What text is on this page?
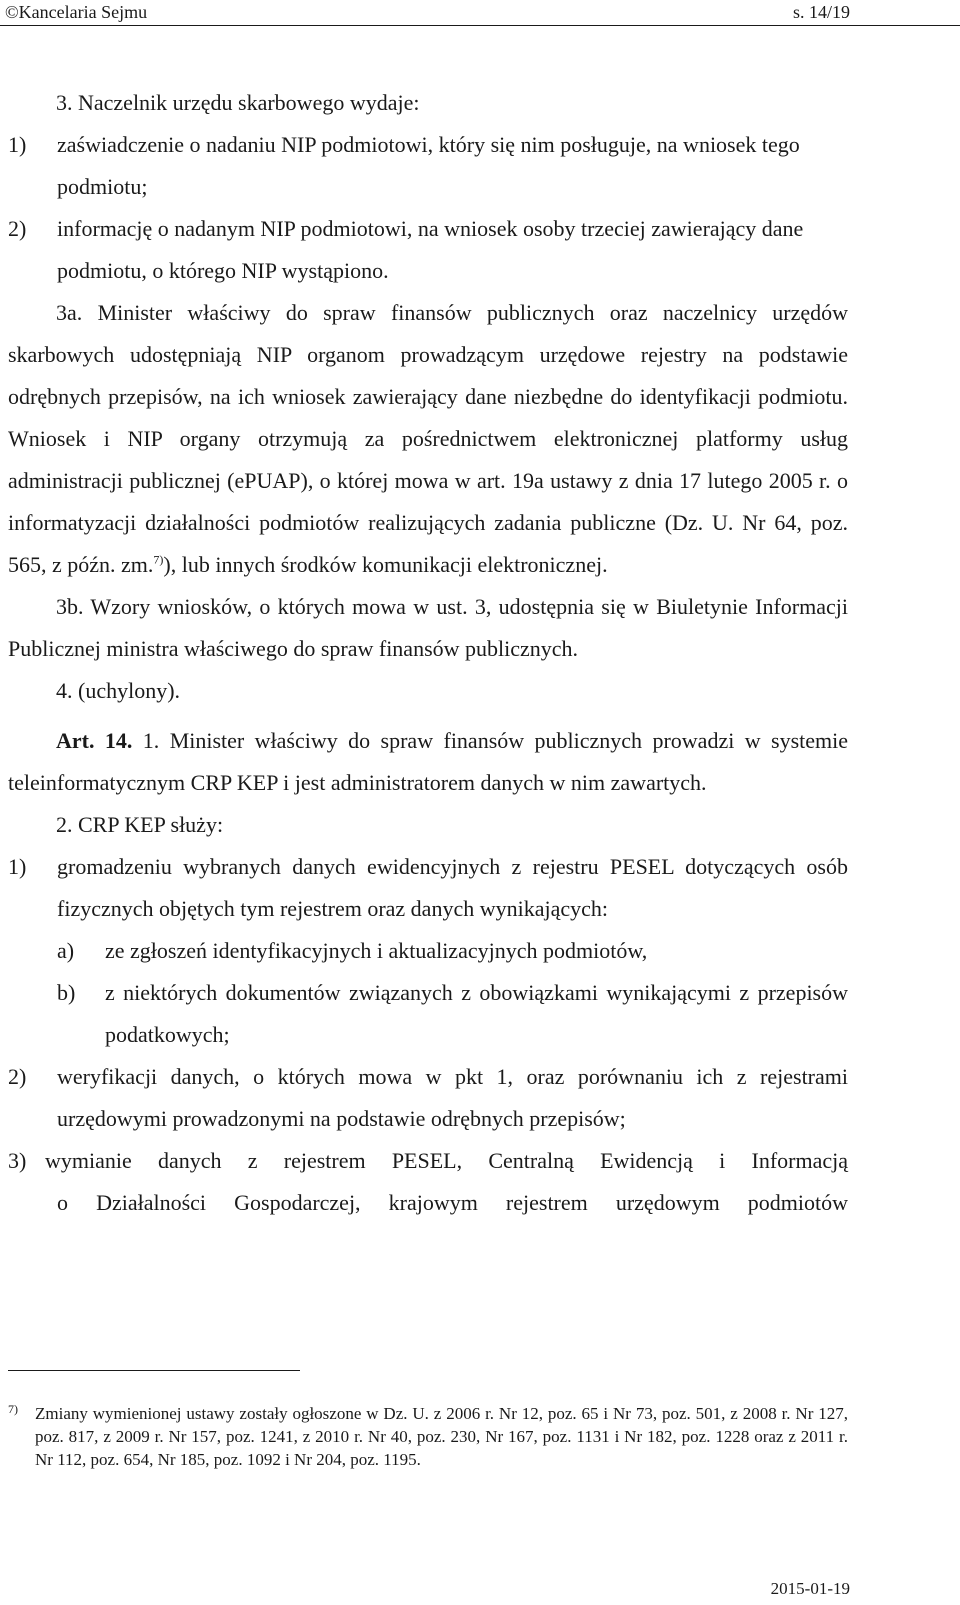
©Kancelaria Sejmu	s. 14/19

3. Naczelnik urzędu skarbowego wydaje:

1) zaświadczenie o nadaniu NIP podmiotowi, który się nim posługuje, na wniosek tego podmiotu;
2) informację o nadanym NIP podmiotowi, na wniosek osoby trzeciej zawierający dane podmiotu, o którego NIP wystąpiono.

3a. Minister właściwy do spraw finansów publicznych oraz naczelnicy urzędów skarbowych udostępniają NIP organom prowadzącym urzędowe rejestry na podstawie odrębnych przepisów, na ich wniosek zawierający dane niezbędne do identyfikacji podmiotu. Wniosek i NIP organy otrzymują za pośrednictwem elektronicznej platformy usług administracji publicznej (ePUAP), o której mowa w art. 19a ustawy z dnia 17 lutego 2005 r. o informatyzacji działalności podmiotów realizujących zadania publiczne (Dz. U. Nr 64, poz. 565, z późn. zm.$^{7)}$), lub innych środków komunikacji elektronicznej.

3b. Wzory wniosków, o których mowa w ust. 3, udostępnia się w Biuletynie Informacji Publicznej ministra właściwego do spraw finansów publicznych.

4. (uchylony).

Art. 14. 1. Minister właściwy do spraw finansów publicznych prowadzi w systemie teleinformatycznym CRP KEP i jest administratorem danych w nim zawartych.

2. CRP KEP służy:

1) gromadzeniu wybranych danych ewidencyjnych z rejestru PESEL dotyczących osób fizycznych objętych tym rejestrem oraz danych wynikających:
a) ze zgłoszeń identyfikacyjnych i aktualizacyjnych podmiotów,
b) z niektórych dokumentów związanych z obowiązkami wynikającymi z przepisów podatkowych;
2) weryfikacji danych, o których mowa w pkt 1, oraz porównaniu ich z rejestrami urzędowymi prowadzonymi na podstawie odrębnych przepisów;
3) wymianie danych z rejestrem PESEL, Centralną Ewidencją i Informacją
o Działalności Gospodarczej, krajowym rejestrem urzędowym podmiotów
7)	Zmiany wymienionej ustawy zostały ogłoszone w Dz. U. z 2006 r. Nr 12, poz. 65 i Nr 73, poz. 501, z 2008 r. Nr 127, poz. 817, z 2009 r. Nr 157, poz. 1241, z 2010 r. Nr 40, poz. 230, Nr 167, poz. 1131 i Nr 182, poz. 1228 oraz z 2011 r. Nr 112, poz. 654, Nr 185, poz. 1092 i Nr 204, poz. 1195.

2015-01-19
